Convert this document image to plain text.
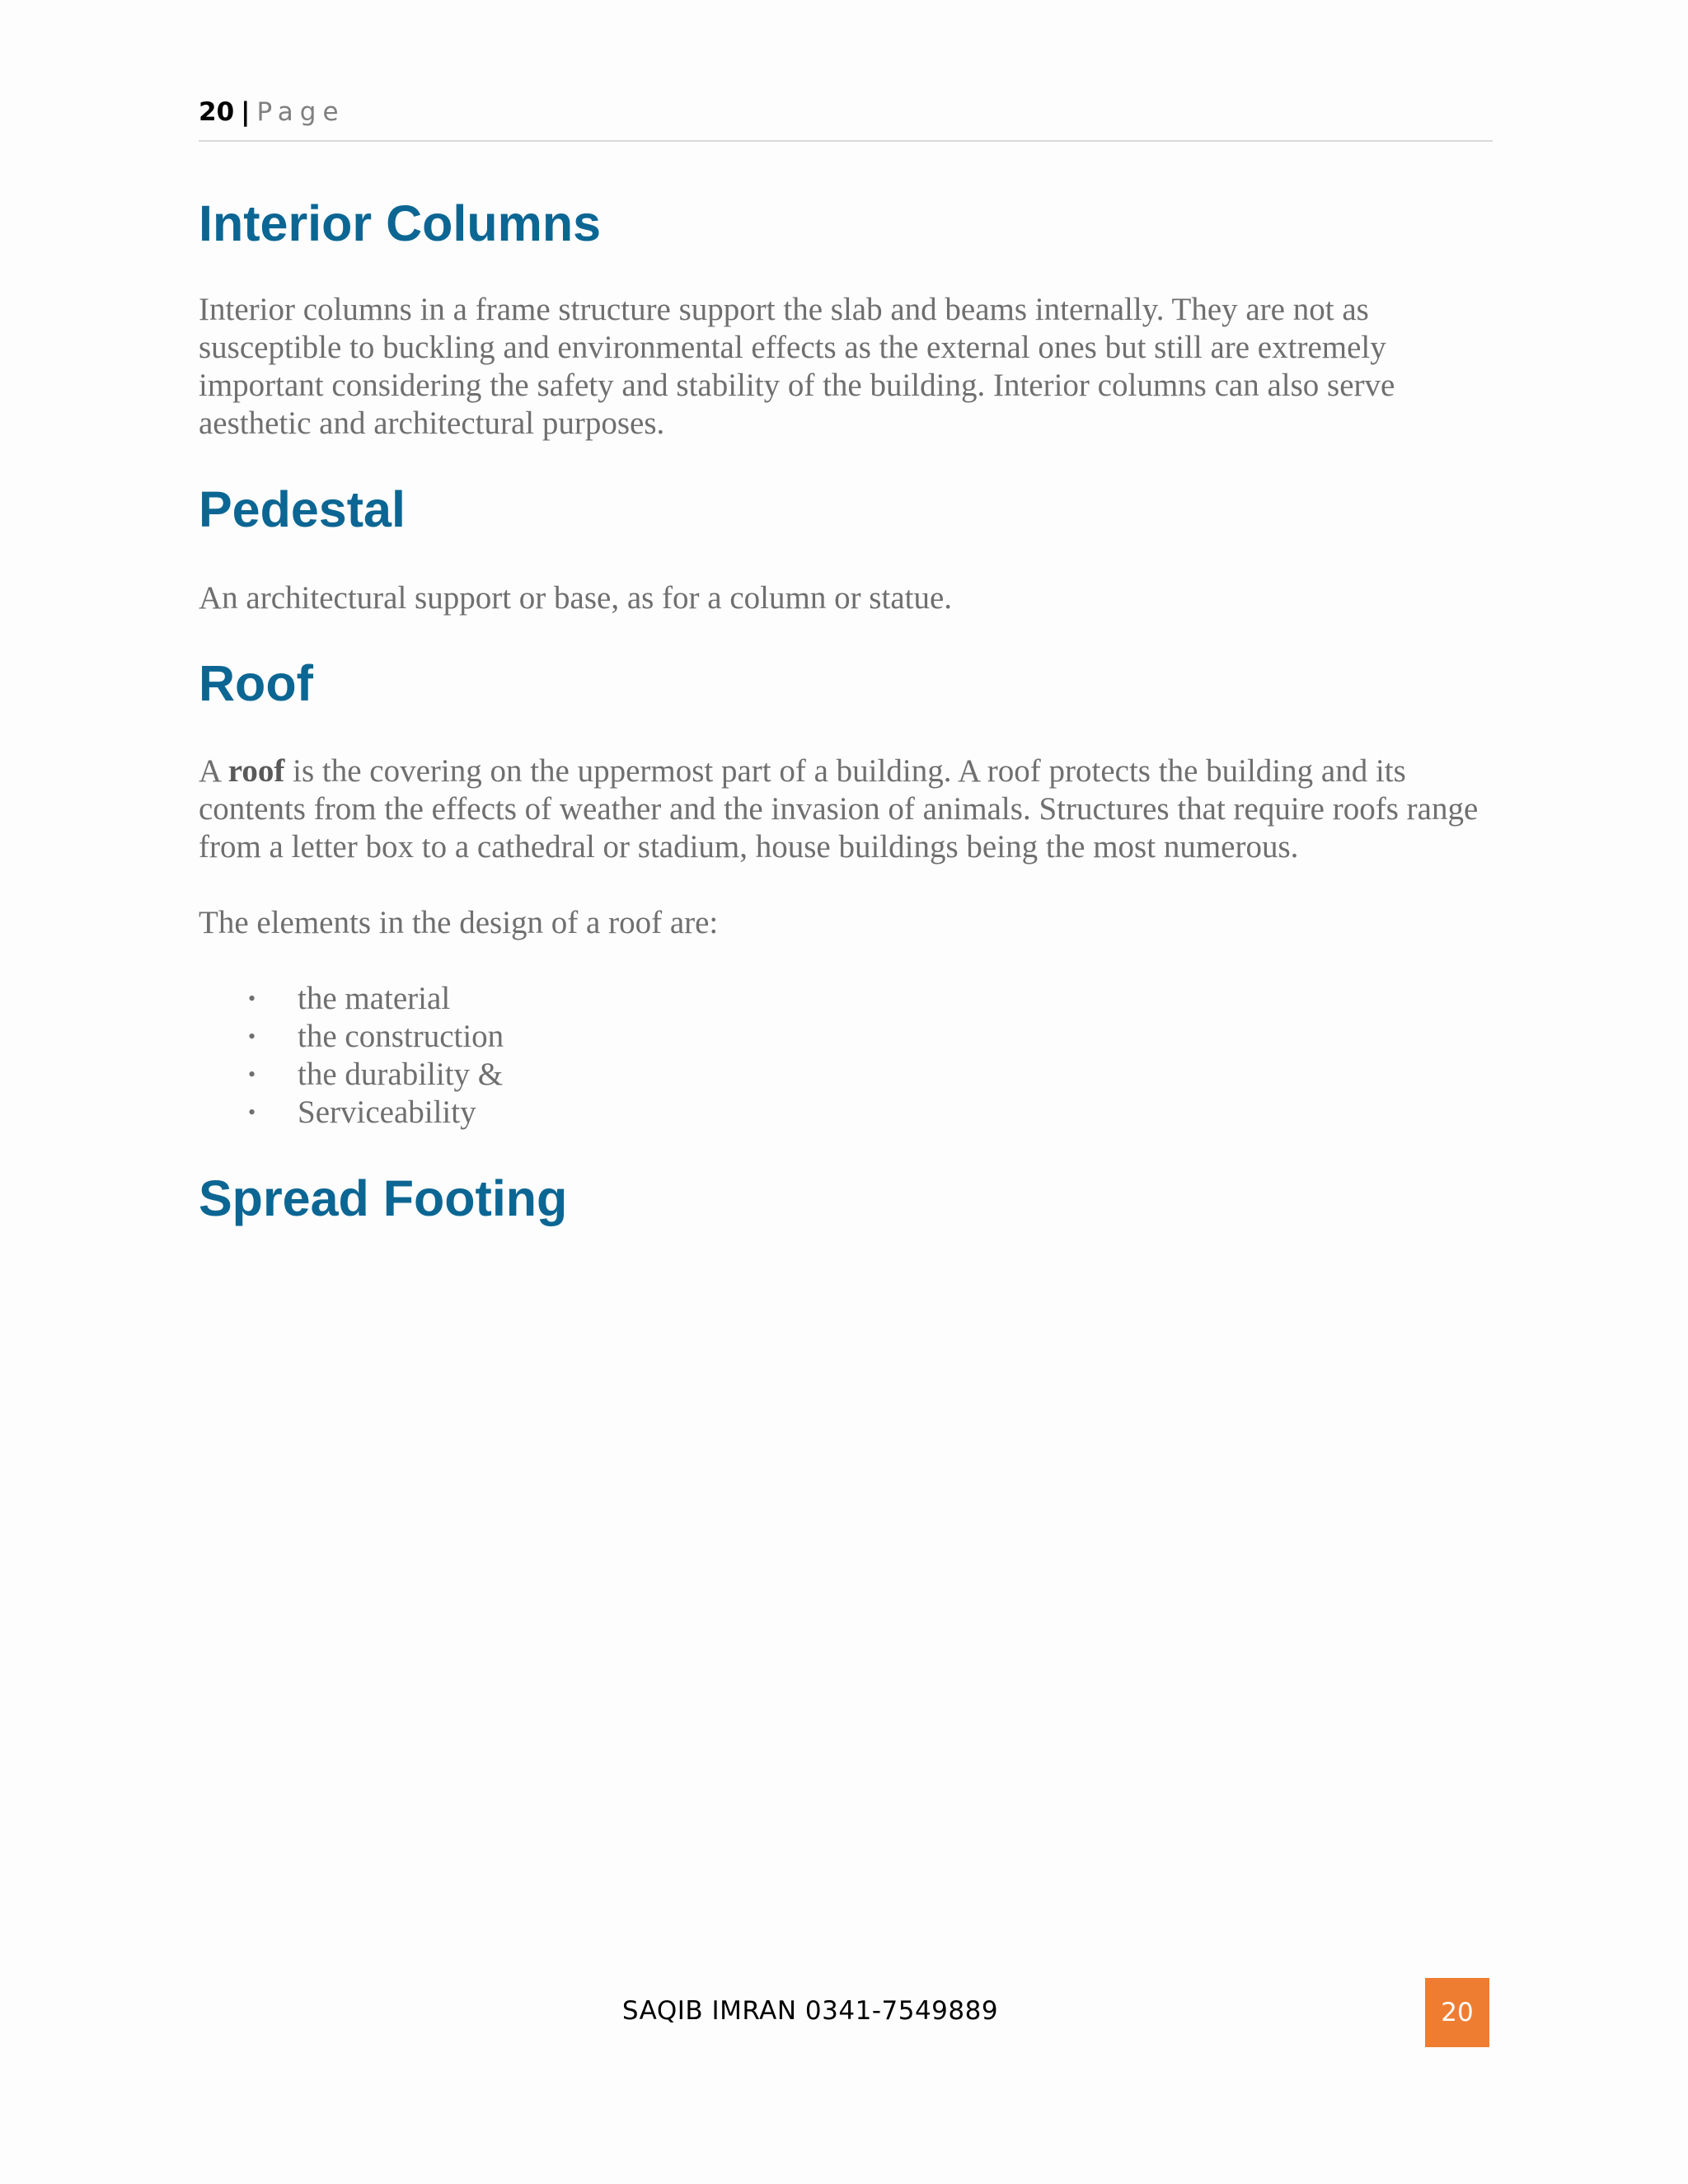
20 | Page
Interior Columns

Interior columns in a frame structure support the slab and beams internally. They are not as susceptible to buckling and environmental effects as the external ones but still are extremely important considering the safety and stability of the building. Interior columns can also serve aesthetic and architectural purposes.

Pedestal

An architectural support or base, as for a column or statue.

Roof

A roof is the covering on the uppermost part of a building. A roof protects the building and its contents from the effects of weather and the invasion of animals. Structures that require roofs range from a letter box to a cathedral or stadium, house buildings being the most numerous.

The elements in the design of a roof are:

• the material
• the construction
• the durability &
• Serviceability
Spread Footing
SAQIB IMRAN 0341-7549889	20
